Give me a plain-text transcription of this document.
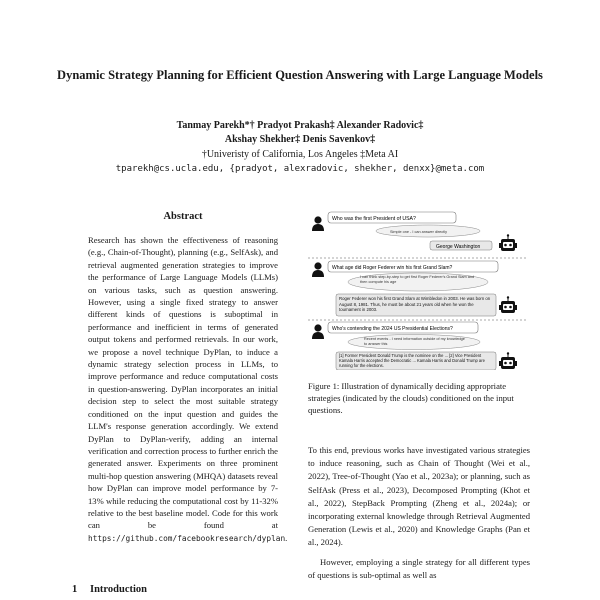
Dynamic Strategy Planning for Efficient Question Answering with Large Language Models
Tanmay Parekh*† Pradyot Prakash‡ Alexander Radovic‡
Akshay Shekher‡ Denis Savenkov‡
†Univeristy of California, Los Angeles ‡Meta AI
tparekh@cs.ucla.edu, {pradyot, alexradovic, shekher, denxx}@meta.com
Abstract
Research has shown the effectiveness of reasoning (e.g., Chain-of-Thought), planning (e.g., SelfAsk), and retrieval augmented generation strategies to improve the performance of Large Language Models (LLMs) on various tasks, such as question answering. However, using a single fixed strategy to answer different kinds of questions is suboptimal in performance and inefficient in terms of generated output tokens and performed retrievals. In our work, we propose a novel technique DyPlan, to induce a dynamic strategy selection process in LLMs, to improve performance and reduce computational costs in question-answering. DyPlan incorporates an initial decision step to select the most suitable strategy conditioned on the input question and guides the LLM's response generation accordingly. We extend DyPlan to DyPlan-verify, adding an internal verification and correction process to further enrich the generated answer. Experiments on three prominent multi-hop question answering (MHQA) datasets reveal how DyPlan can improve model performance by 7-13% while reducing the computational cost by 11-32% relative to the best baseline model. Code for this work can be found at https://github.com/facebookresearch/dyplan.
1 Introduction
Who was the first President of USA?
Simple one - I can answer directly
George Washington
What age did Roger Federer win his first Grand Slam?
I can think step-by-step to get first Roger Federer's Grand Slam and then compute his age
Roger Federer won his first Grand Slam at Wimbledon in 2003. He was born on August 8, 1981. Thus, he must be about 21 years old when he won the tournament in 2003.
Who's contending the 2024 US Presidential Elections?
Recent events - I need information outside of my knowledge to answer this
[1] Former President Donald Trump is the nominee on the ... [2] Vice President Kamala Harris accepted the Democratic ... Kamala Harris and Donald Trump are running for the elections.
Figure 1: Illustration of dynamically deciding appropriate strategies (indicated by the clouds) conditioned on the input questions.

To this end, previous works have investigated various strategies to induce reasoning, such as Chain of Thought (Wei et al., 2022), Tree-of-Thought (Yao et al., 2023a); or planning, such as SelfAsk (Press et al., 2023), Decomposed Prompting (Khot et al., 2022), StepBack Prompting (Zheng et al., 2024a); or incorporating external knowledge through Retrieval Augmented Generation (Lewis et al., 2020) and Knowledge Graphs (Pan et al., 2024).

However, employing a single strategy for all different types of questions is sub-optimal as well as
